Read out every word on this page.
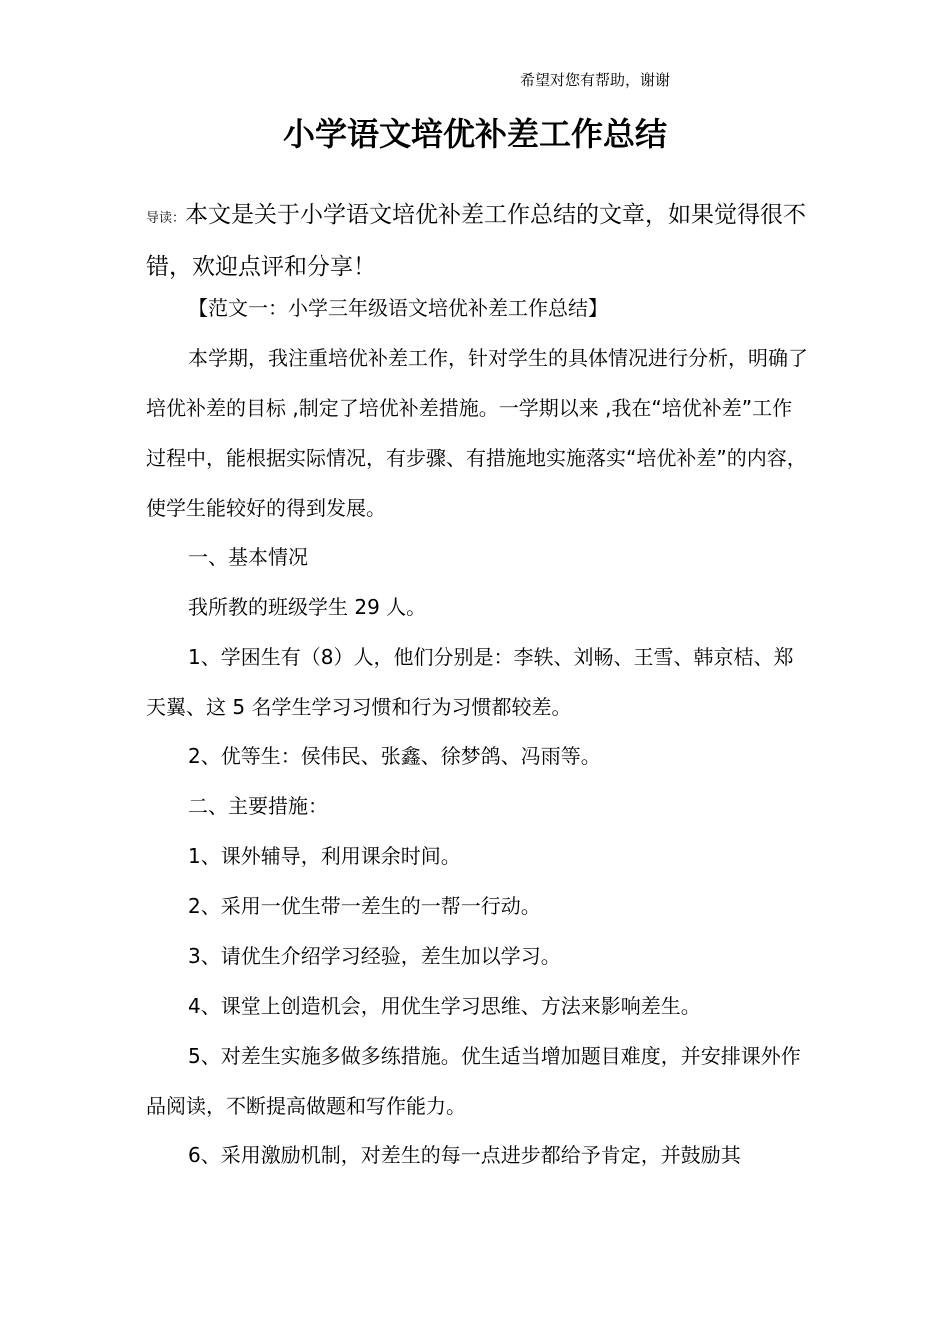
希望对您有帮助，谢谢
小学语文培优补差工作总结

导读：本文是关于小学语文培优补差工作总结的文章，如果觉得很不错，欢迎点评和分享！

【范文一：小学三年级语文培优补差工作总结】

本学期，我注重培优补差工作，针对学生的具体情况进行分析，明确了培优补差的目标 ,制定了培优补差措施。一学期以来 ,我在“培优补差”工作过程中，能根据实际情况，有步骤、有措施地实施落实“培优补差”的内容，使学生能较好的得到发展。

一、基本情况

我所教的班级学生 29 人。

1、学困生有（8）人，他们分别是：李轶、刘畅、王雪、韩京桔、郑天翼、这 5 名学生学习习惯和行为习惯都较差。

2、优等生：侯伟民、张鑫、徐梦鸽、冯雨等。

二、主要措施：

1、课外辅导，利用课余时间。

2、采用一优生带一差生的一帮一行动。

3、请优生介绍学习经验，差生加以学习。

4、课堂上创造机会，用优生学习思维、方法来影响差生。

5、对差生实施多做多练措施。优生适当增加题目难度，并安排课外作品阅读，不断提高做题和写作能力。

6、采用激励机制，对差生的每一点进步都给予肯定，并鼓励其
